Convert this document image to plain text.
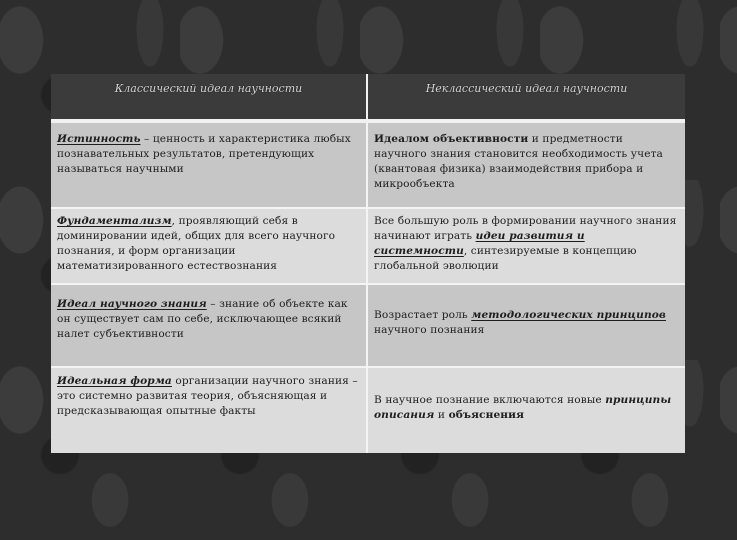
Классический идеал научности	Неклассический идеал научности
Истинность – ценность и характеристика любых познавательных результатов, претендующих называться научными	Идеалом объективности и предметности научного знания становится необходимость учета (квантовая физика) взаимодействия прибора и микрообъекта
Фундаментализм, проявляющий себя в доминировании идей, общих для всего научного познания, и форм организации математизированного естествознания	Все большую роль в формировании научного знания начинают играть идеи развития и системности, синтезируемые в концепцию глобальной эволюции
Идеал научного знания – знание об объекте как он существует сам по себе, исключающее всякий налет субъективности	Возрастает роль методологических принципов научного познания
Идеальная форма организации научного знания – это системно развитая теория, объясняющая и предсказывающая опытные факты	В научное познание включаются новые принципы описания и объяснения
